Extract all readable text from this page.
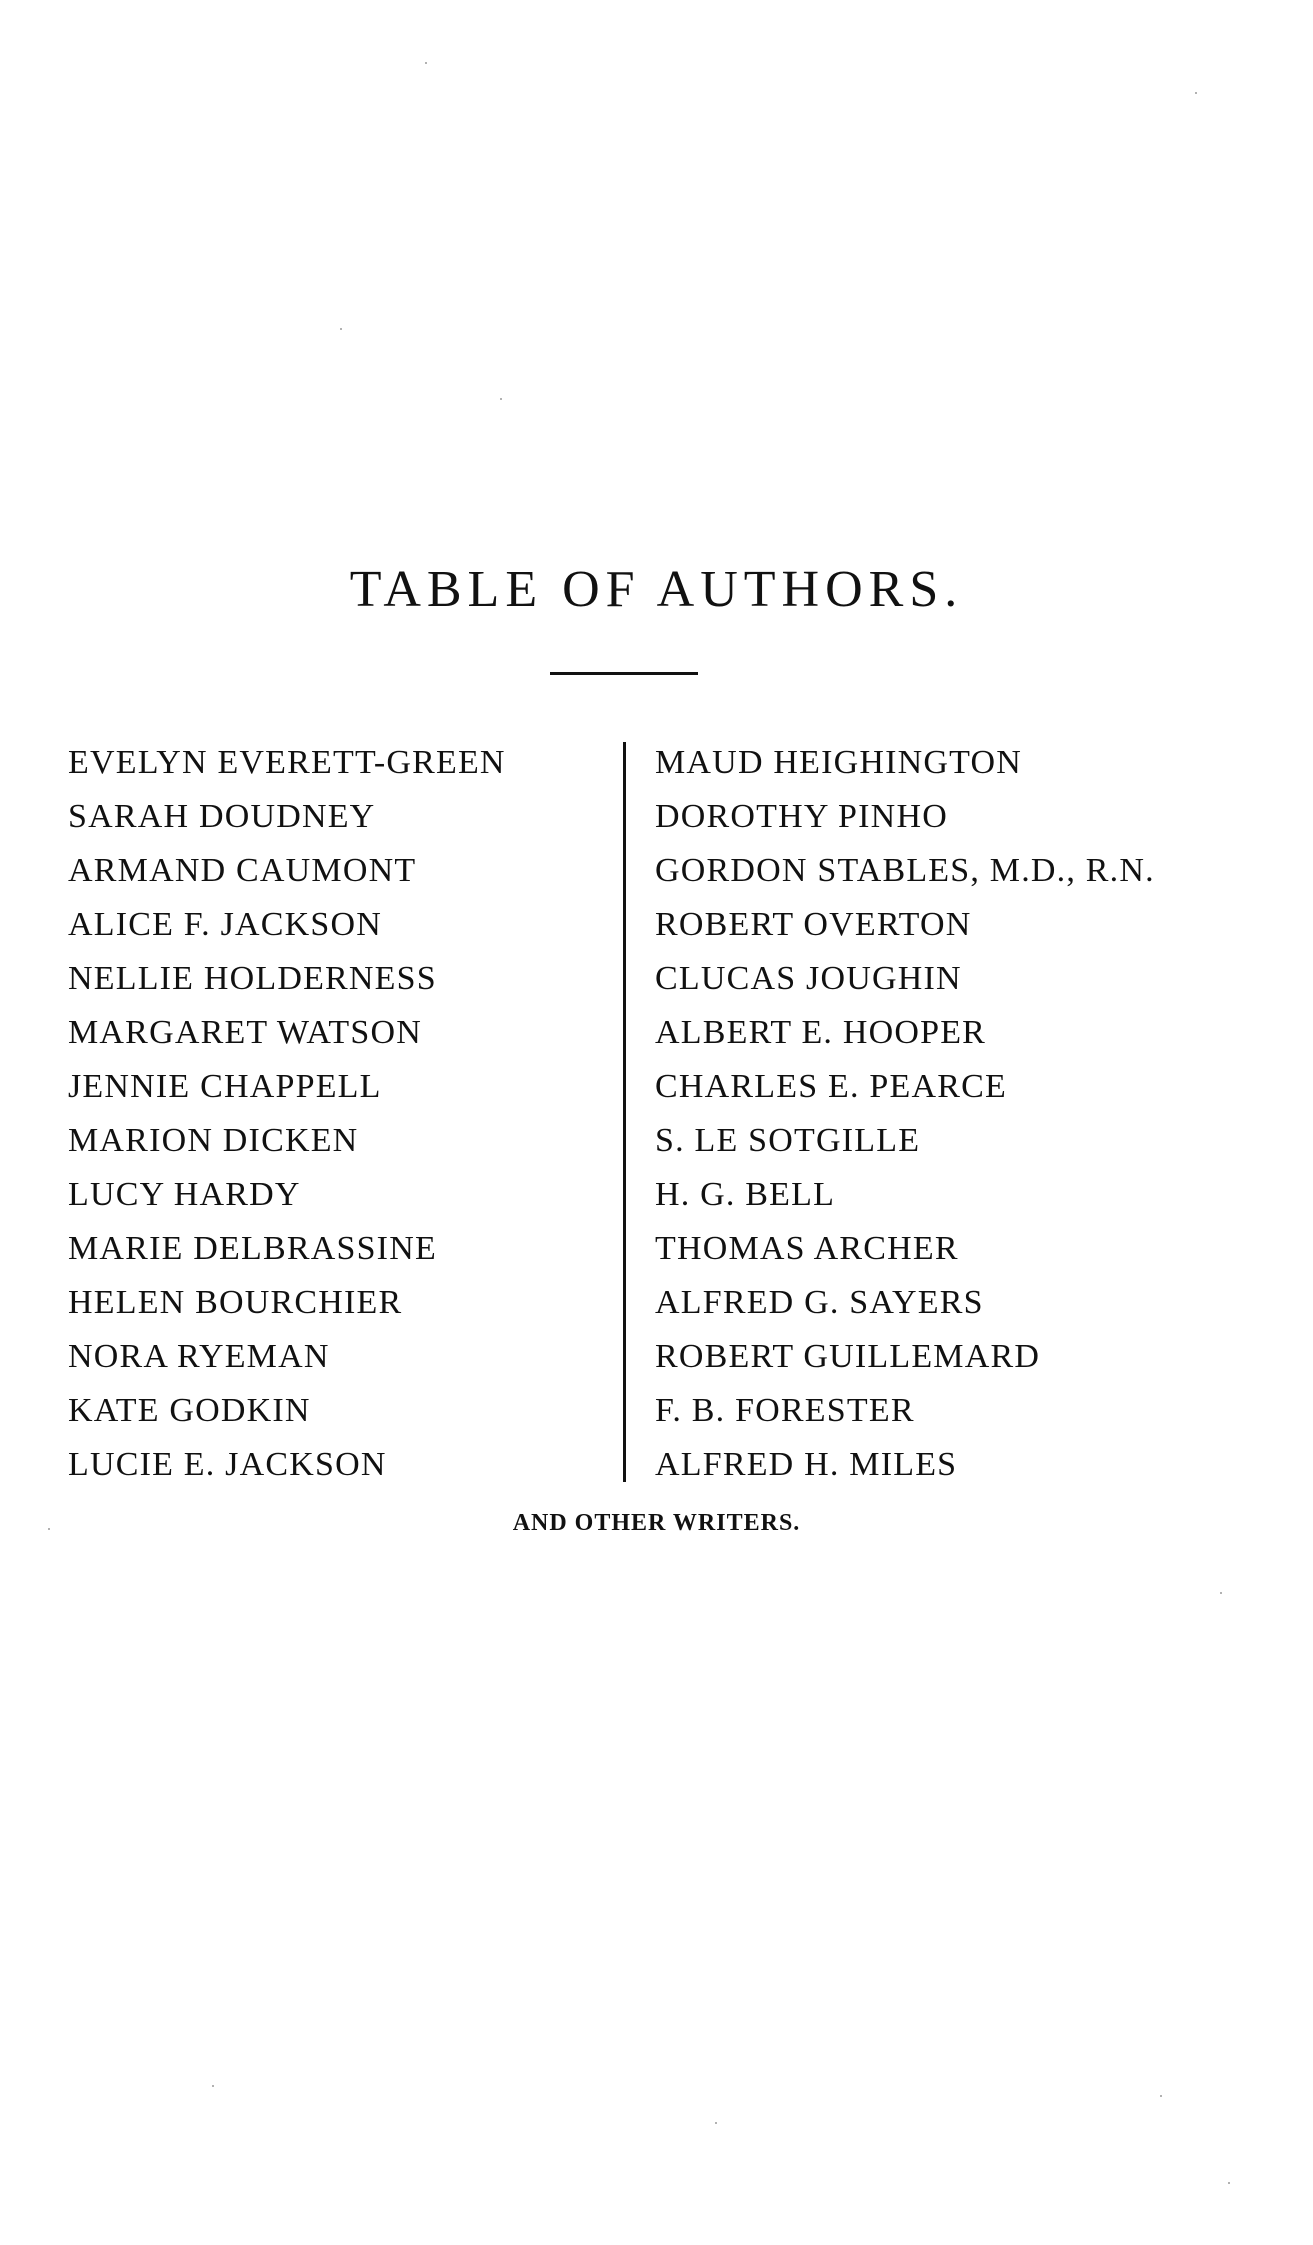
TABLE OF AUTHORS.
EVELYN EVERETT-GREEN
SARAH DOUDNEY
ARMAND CAUMONT
ALICE F. JACKSON
NELLIE HOLDERNESS
MARGARET WATSON
JENNIE CHAPPELL
MARION DICKEN
LUCY HARDY
MARIE DELBRASSINE
HELEN BOURCHIER
NORA RYEMAN
KATE GODKIN
LUCIE E. JACKSON
MAUD HEIGHINGTON
DOROTHY PINHO
GORDON STABLES, M.D., R.N.
ROBERT OVERTON
CLUCAS JOUGHIN
ALBERT E. HOOPER
CHARLES E. PEARCE
S. LE SOTGILLE
H. G. BELL
THOMAS ARCHER
ALFRED G. SAYERS
ROBERT GUILLEMARD
F. B. FORESTER
ALFRED H. MILES

AND OTHER WRITERS.
